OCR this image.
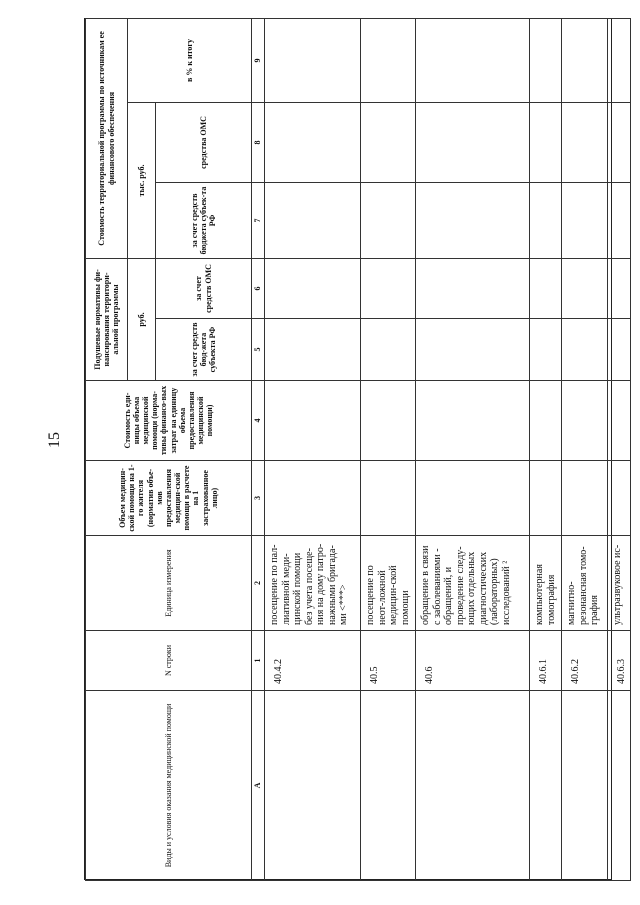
15
Виды и условия оказания медицинской помощи	N строки	Единица измерения	Объем медицин-ской помощи на 1-го жителя (норматив объе-мов предоставления медицин-ской помощи в расчете на 1 застрахованное лицо)	Стоимость еди-ницы объема медицинской помощи (норма-тивы финансо-вых затрат на единицу объема предоставления медицинской помощи)	Подушевые нормативы фи-нансирования территори-альной программы		Стоимость территориальной программы по источникам ее финансового обеспечения		
					руб.		тыс. руб.		в % к итогу
					за счет средств бюд-жета субъекта РФ	за счет средств ОМС	за счет средств бюджета субъек-та РФ	средства ОМС	
A	1	2	3	4	5	6	7	8	9
	40.4.2	посещение по пал-лиативной меди-цинской помощи без учета посеще-ния на дому патро-нажными бригада-ми <***>							
	40.5	посещение по неот-ложной медицин-ской помощи							
	40.6	обращение в связи с заболеваниями - обращений, и проведение следу-ющих отдельных диагностических (лабораторных) исследований ²							
	40.6.1	компьютерная томография							
	40.6.2	магнитно-резонансная томо-графия							
	40.6.3	ультразвуковое ис-							
